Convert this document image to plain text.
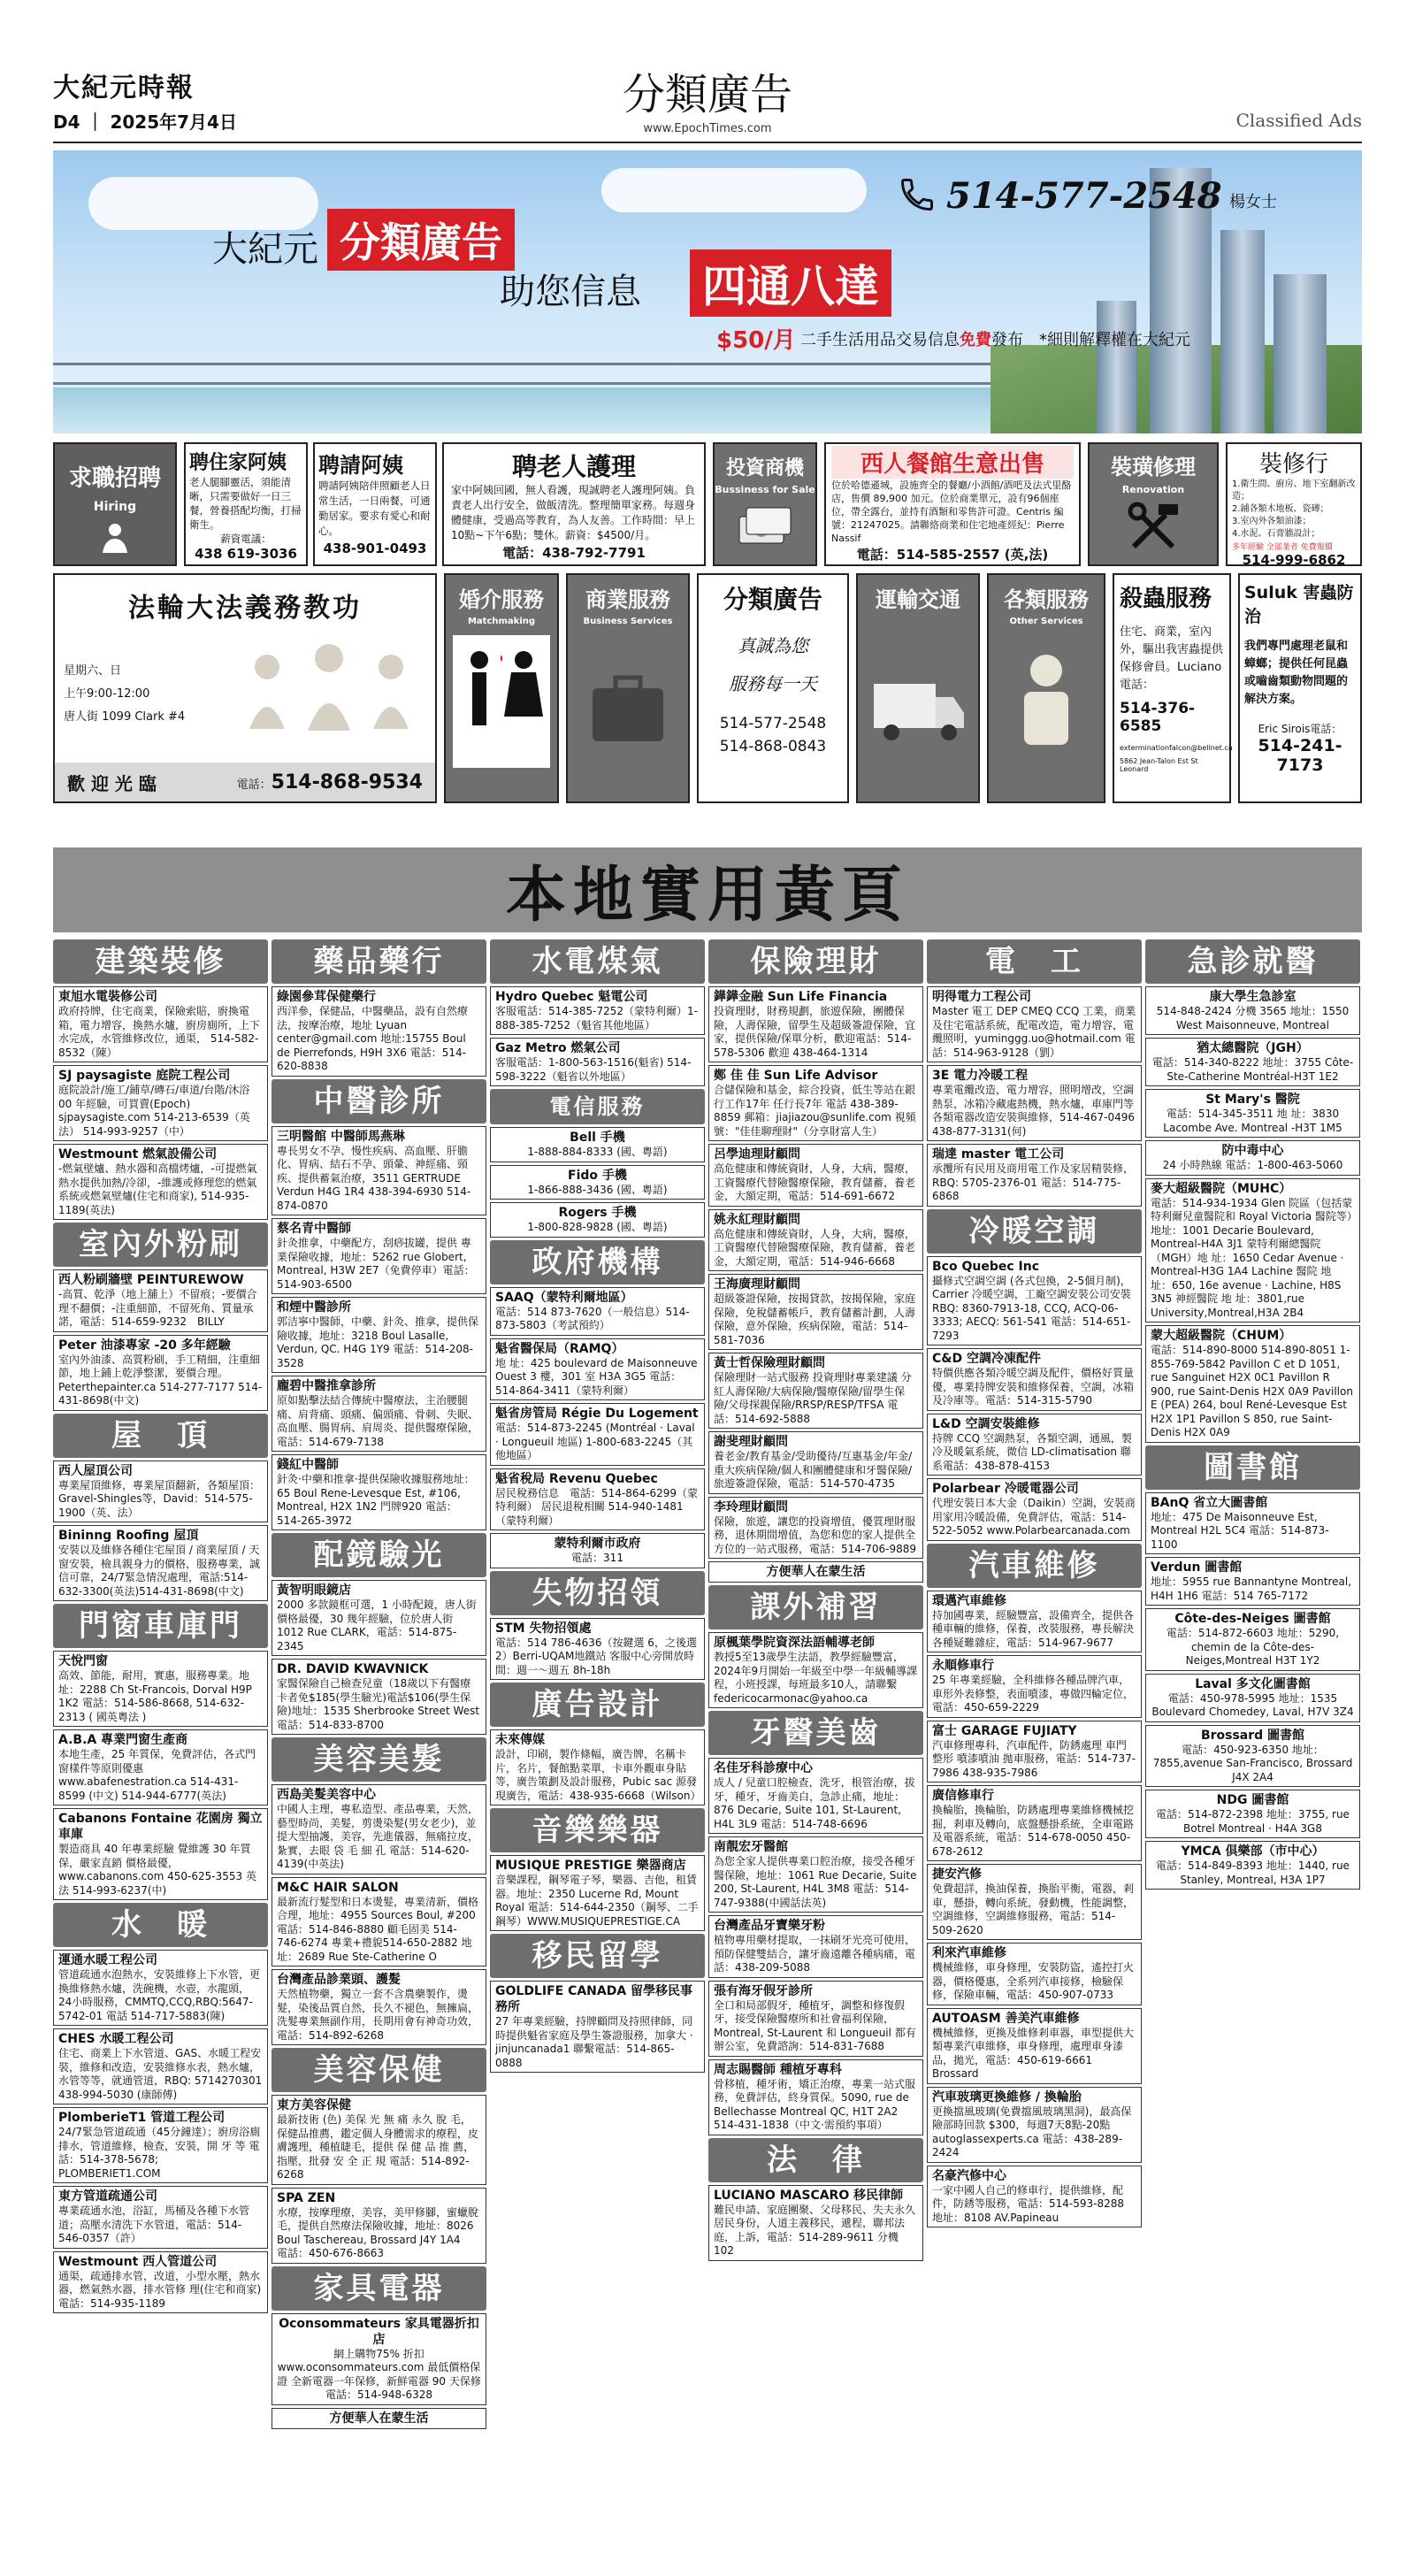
大紀元時報
D4 ｜ 2025年7月4日
分類廣告
www.EpochTimes.com	Classified Ads
大紀元 分類廣告
助您信息 四通八達
$50/月 二手生活用品交易信息免費發布　*細則解釋權在大紀元
514-577-2548 楊女士
求職招聘
Hiring
聘住家阿姨
老人腿腳靈活，須能清晰，只需要做好一日三餐，營養搭配均衡，打掃衛生。
薪資電議：
438 619-3036
聘請阿姨
聘請阿姨陪伴照顧老人日常生活，一日兩餐，可通勤居家。要求有愛心和耐心。
438-901-0493
聘老人護理
家中阿姨回國，無人看護，現誠聘老人護理阿姨。負責老人出行安全，做飯清洗。整理簡單家務。每週身體健康，受過高等教育，為人友善。工作時間：早上10點~下午6點；雙休。薪資：$4500/月。
電話：438-792-7791
投資商機
Bussiness for Sale
西人餐館生意出售
位於哈德遜城，設施齊全的餐廳/小酒館/酒吧及法式里酪店，售價 89,900 加元。位於商業單元，設有96個座位，帶全露台，並持有酒類和零售許可證。Centris 編號：21247025。請聯絡商業和住宅地產經紀：Pierre Nassif
電話：514-585-2557 (英,法)
裝璜修理
Renovation
裝修行
1.衛生間、廚房、地下室翻新改造；
2.鋪各類木地板、瓷磚；
3.室內外各類油漆；
4.水泥、石膏牆設計；
多年經驗 全部業者 免費報價
514-999-6862
法輪大法義務教功
星期六、日
上午9:00-12:00
唐人街 1099 Clark #4
歡 迎 光 臨	電話：514-868-9534
婚介服務
Matchmaking
商業服務
Business Services
分類廣告
真誠為您
服務每一天
514-577-2548
514-868-0843
運輸交通	各類服務
Other Services
殺蟲服務
住宅、商業，室內外，驅出我害蟲提供保修會員。Luciano電話：
514-376-6585
exterminationfalcon@bellnet.ca
5862 Jean-Talon Est St Leonard
Suluk 害蟲防治
我們專門處理老鼠和蟑螂；提供任何昆蟲或嚙齒類動物問題的解決方案。
Eric Sirois電話：
514-241-7173
本地實用黃頁
建築裝修
東旭水電裝修公司
政府持牌，住宅商業，保險索賠，廚換電箱，電力增容，換熱水爐，廚房廁所，上下水完成，水管維修改位，通渠， 514-582-8532（陳）
SJ paysagiste 庭院工程公司
庭院設計/施工/鋪草/磚石/車道/台階/沐浴 00 年經驗，可買賣(Epoch) sjpaysagiste.com 514-213-6539（英法） 514-993-9257（中）
Westmount 燃氣設備公司
-燃氣壁爐、熱水器和高檔烤爐，-可提燃氣熱水提供加熱/冷卻，-維護或修理您的燃氣系統或燃氣壁爐(住宅和商家), 514-935-1189(英法)
室內外粉刷
西人粉刷牆壁 PEINTUREWOW
-高質、乾淨（地上舖上）不留痕；-要價合理不翻價；-注重細節，不留死角、質量承諾，電話：514-659-9232　BILLY
Peter 油漆專家 -20 多年經驗
室內外油漆、高質粉刷，手工精細，注重細節，地上鋪上乾淨整潔，要價合理。 Peterthepainter.ca 514-277-7177 514-431-8698(中文)
屋　頂
西人屋頂公司
專業屋頂維修，專業屋頂翻新，各類屋頂：Gravel-Shingles等，David：514-575-1900（英、法）
Bininng Roofing 屋頂
安裝以及維修各種住宅屋頂 / 商業屋頂 / 天窗安裝，檢具親身力的價格，服務專業，誠信可靠，24/7緊急情況處理，電話:514-632-3300(英法)514-431-8698(中文)
門窗車庫門
天悅門窗
高效、節能，耐用，實惠，服務專業。地址：2288 Ch St-Francois, Dorval H9P 1K2 電話：514-586-8668, 514-632-2313 ( 國英粵法 )
A.B.A 專業門窗生產商
本地生產，25 年質保，免費評估，各式門窗樣件等原則優惠 www.abafenestration.ca 514-431-8599 (中文) 514-944-6777(英法)
Cabanons Fontaine 花園房 獨立車庫
製造商具 40 年專業經驗 覺維護 30 年質保，嚴家直銷 價格最優，www.cabanons.com 450-625-3553 英法 514-993-6237(中)
水　暖
運通水暖工程公司
管道疏通水泡熱水，安裝維修上下水管，更換維修熱水爐，洗碗機，水壺，水龍頭，24小時服務，CMMTQ,CCQ,RBQ:5647-5742-01 電話 514-717-5883(陳)
CHES 水暖工程公司
住宅、商業上下水管道、GAS、水暖工程安裝，維修和改造，安裝維修水表，熱水爐，水管等等，就通管道，RBQ: 5714270301 438-994-5030 (康師傅)
PlomberieT1 管道工程公司
24/7緊急管道疏通（45分鐘達）；廚房浴廁排水，管道維修，檢查，安裝，開 牙 等 電 話：514-378-5678; PLOMBERIET1.COM
東方管道疏通公司
專業疏通水池，浴缸，馬桶及各種下水管道；高壓水清洗下水管道，電話：514-546-0357（許）
Westmount 西人管道公司
通渠，疏通排水管，改道，小型水壓，熱水器，燃氣熱水器，排水管修 理(住宅和商家) 電話：514-935-1189
藥品藥行
綠園參茸保健藥行
西洋參，保健品，中醫藥品，設有自然療法，按摩治療，地址 Lyuan center@gmail.com 地址:15755 Boul de Pierrefonds, H9H 3X6 電話：514-620-8838
中醫診所
三明醫館 中醫師馬燕琳
專長男女不孕、慢性疾病、高血壓、肝膽化、胃病、結石不孕、頭暈、神經痛、頸疾、提供蓄氣治療，3511 GERTRUDE Verdun H4G 1R4 438-394-6930 514-874-0870
蔡名青中醫師
針灸推拿，中藥配方，刮痧拔罐，提供 專業保險收據，地址：5262 rue Globert, Montreal, H3W 2E7（免費停車）電話：514-903-6500
和煙中醫診所
郭洁寧中醫師，中藥、針灸、推拿，提供保險收據，地址：3218 Boul Lasalle, Verdun, QC. H4G 1Y9 電話：514-208-3528
龐碧中醫推拿診所
原如點擊法結合傳統中醫療法，主治腰腿痛、肩背痛、頭痛、偏頭痛、骨刺、失眠、高血壓、腸胃病、肩周炎、提供醫療保險，電話：514-679-7138
錢紅中醫師
針灸·中藥和推拿·提供保險收據服務地址：65 Boul Rene-Levesque Est, #106, Montreal, H2X 1N2 門牌920 電話：514-265-3972
配鏡驗光
黃智明眼鏡店
2000 多款鏡框可選，1 小時配鏡，唐人街價格最優，30 幾年經驗，位於唐人街 1012 Rue CLARK，電話：514-875-2345
DR. DAVID KWAVNICK
家醫保險自己檢查兒童（18歲以下有醫療卡者免$185(學生驗光)電話$106(學生保險)地址：1535 Sherbrooke Street West　電話：514-833-8700
美容美髮
西島美髮美容中心
中國人主理，專私造型、產品專業，天然，藝型時尚，美髮，剪燙染髮(男女老少)，並提大型抽護，美容，先進儀器，無痛拉皮，紮實，去眼 袋 毛 細 孔 電話：514-620-4139(中英法)
M&C HAIR SALON
最新流行髮型和日本燙髮，專業清新，價格合理，地址：4955 Sources Boul, #200 電話：514-846-8880 顧毛固美 514-746-6274 專業+禮貌514-650-2882 地址：2689 Rue Ste-Catherine O
台灣產品診業頭、護髮
天然植物藥，獨立一套不含農藥製作，燙髮，染後品質自然，長久不褪色，無擁扁，洗髮專業無副作用，長期用會有神奇功效，電話：514-892-6268
美容保健
東方美容保健
最新技術 (色) 美保 光 無 痛 永久 脫 毛，保健品推薦，鑑定個人身體需求的療程，皮膚護理，種植睫毛，提供 保 健 品 推 薦，指壓，批發 安 全 正 規 電話：514-892-6268
SPA ZEN
水療，按摩理療，美容，美甲修腳，蜜蠟脫毛，提供自然療法保險收據，地址：8026 Boul Taschereau, Brossard J4Y 1A4　電話：450-676-8663
家具電器
Oconsommateurs 家具電器折扣店
網上購物75% 折扣 www.oconsommateurs.com 最低價格保證 全新電器一年保修，新鮮電器 90 天保修 電話：514-948-6328
方便華人在蒙生活
水電煤氣
Hydro Quebec 魁電公司
客服電話：514-385-7252（蒙特利爾）1-888-385-7252（魁省其他地區）
Gaz Metro 燃氣公司
客服電話：1-800-563-1516(魁省) 514-598-3222（魁省以外地區）
電信服務
Bell 手機
1-888-884-8333 (國、粵語)
Fido 手機
1-866-888-3436 (國、粵語)
Rogers 手機
1-800-828-9828 (國、粵語)
政府機構
SAAQ（蒙特利爾地區）
電話：514 873-7620（一般信息）514-873-5803（考試預約）
魁省醫保局（RAMQ）
地 址：425 boulevard de Maisonneuve Ouest 3 樓，301 室 H3A 3G5 電話：514-864-3411（蒙特利爾）
魁省房管局 Régie Du Logement
電話：514-873-2245 (Montréal · Laval · Longueuil 地區) 1-800-683-2245（其他地區）
魁省稅局 Revenu Quebec
居民稅務信息　電話：514-864-6299（蒙特利爾） 居民退稅相關 514-940-1481（蒙特利爾）
蒙特利爾市政府
電話：311
失物招領
STM 失物招領處
電話：514 786-4636（按鍵選 6，之後選 2）Berri-UQAM地鐵站 客服中心旁開放時間：週一～週五 8h-18h
廣告設計
未來傳媒
設計，印刷，製作條幅，廣告牌，名稱卡片，名片，餐館點菜單，卡車外觀車身貼等，廣告策劃及設計服務，Pubic sac 源發現廣告，電話：438-935-6668（Wilson）
音樂樂器
MUSIQUE PRESTIGE 樂器商店
音樂課程，鋼琴電子琴，樂器、吉他，租賃器。地址：2350 Lucerne Rd, Mount Royal 電話：514-644-2350（鋼琴、二手鋼琴）WWW.MUSIQUEPRESTIGE.CA
移民留學
GOLDLIFE CANADA 留學移民事務所
27 年專業經驗，持牌顧問及持照律師，同時提供魁省家庭及學生簽證服務，加拿大 · jinjuncanada1 聯繫電話：514-865-0888
保險理財
鏵鏵金融 Sun Life Financia
投資理財，財務規劃，旅遊保險，團體保險，人壽保險，留學生及超級簽證保險，宜家，提供保險/保單分析，歡迎電話：514-578-5306 歡迎 438-464-1314
鄭 佳 佳 Sun Life Advisor
合儲保險和基金，綜合投資，低生等站在銀行工作17年 任行長7年 電話 438-389-8859 郵箱：jiajiazou@sunlife.com 視頻號："佳佳聊理財"（分享財富人生）
呂學迪理財顧問
高危健康和傳統資財，人身，大病，醫療，工資醫療代替險醫療保險，教育儲蓄，養老金，大額定期，電話：514-691-6672
姚永紅理財顧問
高危健康和傳統資財，人身，大病，醫療，工資醫療代替險醫療保險，教育儲蓄，養老金，大額定期，電話：514-946-6668
王海廣理財顧問
超級簽證保險，按揭貸款，按揭保險，家庭保險，免稅儲蓄帳戶，教育儲蓄計劃，人壽保險，意外保險，疾病保險，電話：514-581-7036
黃士哲保險理財顧問
保險理財一站式服務 投資理財專業建議 分紅人壽保險/大病保險/醫療保險/留學生保險/父母探親保險/RRSP/RESP/TFSA 電話：514-692-5888
謝斐理財顧問
養老金/教育基金/受助優待/互惠基金/年金/重大疾病保險/個人和團體健康和牙醫保險/旅遊簽證保險，電話：514-570-4735
李玲理財顧問
保險，旅遊，讓您的投資增值，優質理財服務，退休期間增值，為您和您的家人提供全方位的一站式服務，電話：514-706-9889
方便華人在蒙生活
課外補習
原楓葉學院資深法語輔導老師
教授5至13歲學生法語，教學經驗豐富，2024年9月開始一年級至中學一年級輔導課程，小班授課，每班最多10人，請聯繫 federicocarmonac@yahoo.ca
牙醫美齒
名佳牙科診療中心
成人 / 兒童口腔檢查，洗牙，根管治療，拔牙，種牙，牙齒美白，急診止痛，地址：876 Decarie, Suite 101, St-Laurent, H4L 3L9 電話：514-748-6696
南靚宏牙醫館
為您全家人提供專業口腔治療，接受各種牙醫保險，地址：1061 Rue Decarie, Suite 200, St-Laurent, H4L 3M8 電話：514-747-9388(中國話法英)
台灣產品牙寶樂牙粉
植物專用藥材提取，一抹刷牙光亮可使用，預防保健雙結合，讓牙齒遠離各種病痛，電話：438-209-5088
張有海牙假牙診所
全口和局部假牙，種植牙，調整和修復假牙，接受保險醫療所和社會福利保險，Montreal, St-Laurent 和 Longueuil 都有辦公室，免費諮詢：514-831-7688
周志賜醫師 種植牙專科
骨移植，種牙術，矯正治療，專業一站式服務，免費評估，終身質保。5090, rue de Bellechasse Montreal QC, H1T 2A2 514-431-1838（中文·需預約事項）
法　律
LUCIANO MASCARO 移民律師
難民申請、家庭團聚、父母移民、失夫永久居民身份，人道主義移民，遞程，聯邦法庭，上訴，電話：514-289-9611 分機 102
電　工
明得電力工程公司
Master 電工 DEP CMEQ CCQ 工業，商業及住宅電話系統，配電改造，電力增容，電纜照明，yuminggg.uo@hotmail.com 電話：514-963-9128（劉）
3E 電力冷暖工程
專業電纜改造，電力增容，照明增改，空調熱泵，冰箱冷藏處熱機，熱水爐，車庫門等各類電器改造安裝與維修，514-467-0496 438-877-3131(何)
瑞達 master 電工公司
承攬所有民用及商用電工作及家居精裝修，RBQ: 5705-2376-01 電話：514-775-6868
冷暖空調
Bco Quebec Inc
攝修式空調空調 (各式包換，2-5個月制)，Carrier 冷暖空調，工廠空調安裝公司安裝 RBQ: 8360-7913-18, CCQ, ACQ-06-3333; AECQ: 561-541 電話：514-651-7293
C&D 空調冷凍配件
特價供應各類冷暖空調及配件，價格好質量優，專業持牌安裝和維修保養，空調，冰箱及冷庫等。電話：514-315-5790
L&D 空調安裝維修
持牌 CCQ 空調熱泵，各類空調，通風，製冷及暖氣系統，微信 LD-climatisation 聯系電話：438-878-4153
Polarbear 冷暖電器公司
代理安裝日本大金（Daikin）空調，安裝商用家用冷暖設備，免費評估，電話：514-522-5052 www.Polarbearcanada.com
汽車維修
環邁汽車維修
持加國專業，經驗豐富，設備齊全，提供各種車輛的維修，保養，改裝服務，專長解決各種疑難雜症，電話：514-967-9677
永順修車行
25 年專業經驗，全科維修各種品牌汽車，車形外表修整，表面噴漆，專做四輪定位，電話：450-659-2229
富士 GARAGE FUJIATY
汽車修理專科，汽車配件，防銹處理 車門整形 噴漆噴油 拋車服務，電話：514-737-7986 438-935-7986
廣信修車行
換輪胎，換輪胎，防銹處理專業維修機械挖掘，剎車及轉向，底盤懸掛系統，全車電路及電器系統，電話：514-678-0050 450-678-2612
捷安汽修
免費超詳，換油保養，換胎平衡，電器，剎車，懸掛，轉向系統，發動機，性能調整，空調維修，空調維修服務，電話：514-509-2620
利來汽車維修
機械維修，車身修理，安裝防盜，遙控打火器，價格優惠，全系列汽車接修，檢驗保修，保險車輛，電話：450-907-0733
AUTOASM 善美汽車維修
機械維修，更換及維修剎車器，車型提供大類專業汽車維修，車身修理，處理車身漆品，拋光，電話：450-619-6661 Brossard
汽車玻璃更換維修 / 換輪胎
更換擋風玻璃(免費擋風玻璃黑洞)，最高保險部時回款 $300，每週7天8點-20點 autoglassexperts.ca 電話：438-289-2424
名豪汽修中心
一家中國人自己的修車行，提供維修，配件，防銹等服務，電話：514-593-8288　地址：8108 AV.Papineau
急診就醫
康大學生急診室
514-848-2424 分機 3565 地址：1550 West Maisonneuve, Montreal
猶太總醫院（JGH）
電話：514-340-8222 地址：3755 Côte-Ste-Catherine Montréal-H3T 1E2
St Mary's 醫院
電話：514-345-3511 地 址：3830 Lacombe Ave. Montreal -H3T 1M5
防中毒中心
24 小時熱線 電話：1-800-463-5060
麥大超級醫院（MUHC）
電話：514-934-1934 Glen 院區（包括蒙特利爾兒童醫院和 Royal Victoria 醫院等）地址：1001 Decarie Boulevard, Montreal-H4A 3J1 蒙特利爾總醫院（MGH）地 址：1650 Cedar Avenue · Montreal-H3G 1A4 Lachine 醫院 地 址：650, 16e avenue · Lachine, H8S 3N5 神經醫院 地 址：3801,rue University,Montreal,H3A 2B4
蒙大超級醫院（CHUM）
電話：514-890-8000 514-890-8051 1-855-769-5842 Pavillon C et D 1051, rue Sanguinet H2X 0C1 Pavillon R 900, rue Saint-Denis H2X 0A9 Pavillon E (PEA) 264, boul René-Levesque Est H2X 1P1 Pavillon S 850, rue Saint-Denis H2X 0A9
圖書館
BAnQ 省立大圖書館
地址：475 De Maisonneuve Est, Montreal H2L 5C4 電話：514-873-1100
Verdun 圖書館
地址：5955 rue Bannantyne Montreal, H4H 1H6 電話：514 765-7172
Côte-des-Neiges 圖書館
電話：514-872-6603 地址：5290, chemin de la Côte-des-Neiges,Montreal H3T 1Y2
Laval 多文化圖書館
電話：450-978-5995 地址：1535 Boulevard Chomedey, Laval, H7V 3Z4
Brossard 圖書館
電話：450-923-6350 地址：7855,avenue San-Francisco, Brossard J4X 2A4
NDG 圖書館
電話：514-872-2398 地址：3755, rue Botrel Montreal · H4A 3G8
YMCA 俱樂部（市中心）
電話：514-849-8393 地址：1440, rue Stanley, Montreal, H3A 1P7
